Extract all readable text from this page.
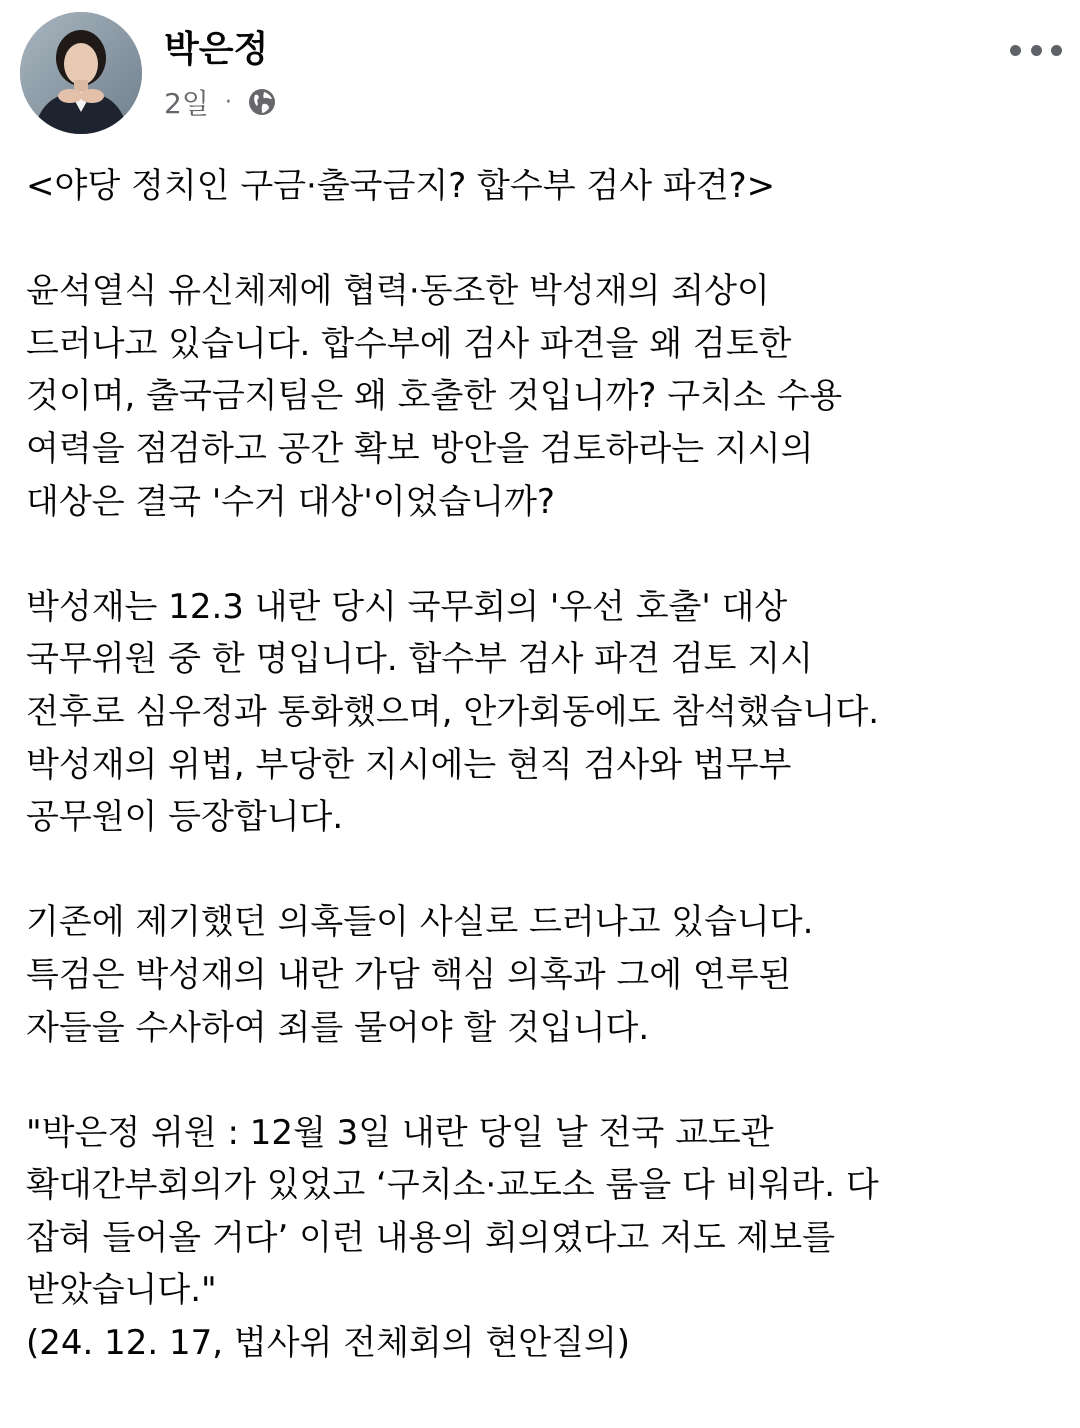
박은정
2일 ·

<야당 정치인 구금·출국금지? 합수부 검사 파견?>

윤석열식 유신체제에 협력·동조한 박성재의 죄상이

드러나고 있습니다. 합수부에 검사 파견을 왜 검토한

것이며, 출국금지팀은 왜 호출한 것입니까? 구치소 수용

여력을 점검하고 공간 확보 방안을 검토하라는 지시의

대상은 결국 '수거 대상'이었습니까?

박성재는 12.3 내란 당시 국무회의 '우선 호출' 대상

국무위원 중 한 명입니다. 합수부 검사 파견 검토 지시

전후로 심우정과 통화했으며, 안가회동에도 참석했습니다.

박성재의 위법, 부당한 지시에는 현직 검사와 법무부

공무원이 등장합니다.

기존에 제기했던 의혹들이 사실로 드러나고 있습니다.

특검은 박성재의 내란 가담 핵심 의혹과 그에 연루된

자들을 수사하여 죄를 물어야 할 것입니다.

"박은정 위원 : 12월 3일 내란 당일 날 전국 교도관

확대간부회의가 있었고 ‘구치소·교도소 룸을 다 비워라. 다

잡혀 들어올 거다’ 이런 내용의 회의였다고 저도 제보를

받았습니다."

(24. 12. 17, 법사위 전체회의 현안질의)
